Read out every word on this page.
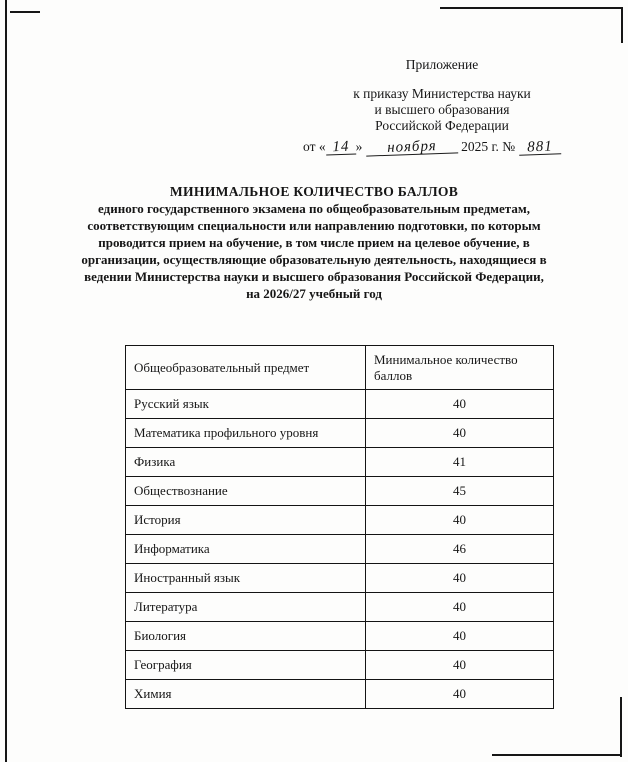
Приложение
к приказу Министерства науки
и высшего образования
Российской Федерации
от « 14 » ноября 2025 г. № 881
МИНИМАЛЬНОЕ КОЛИЧЕСТВО БАЛЛОВ
единого государственного экзамена по общеобразовательным предметам, соответствующим специальности или направлению подготовки, по которым проводится прием на обучение, в том числе прием на целевое обучение, в организации, осуществляющие образовательную деятельность, находящиеся в ведении Министерства науки и высшего образования Российской Федерации,
на 2026/27 учебный год
Общеобразовательный предмет	Минимальное количество баллов
Русский язык	40
Математика профильного уровня	40
Физика	41
Обществознание	45
История	40
Информатика	46
Иностранный язык	40
Литература	40
Биология	40
География	40
Химия	40
